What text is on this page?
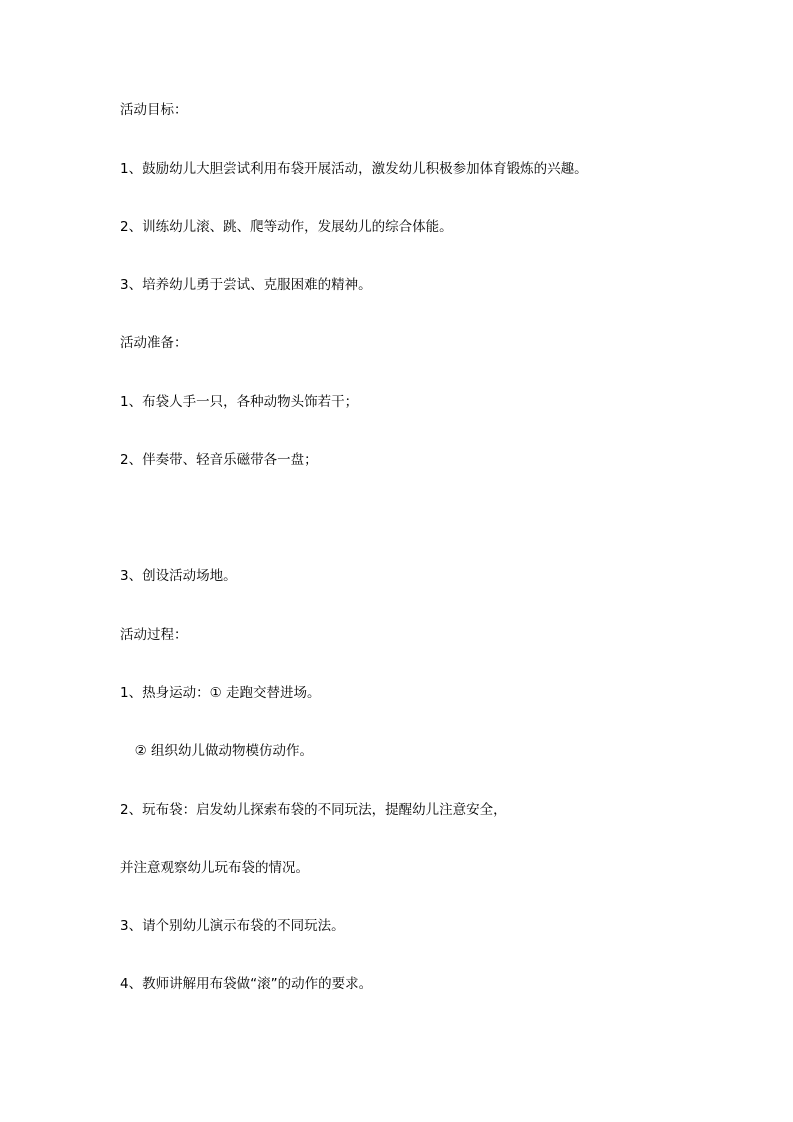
活动目标：
1、鼓励幼儿大胆尝试利用布袋开展活动，激发幼儿积极参加体育锻炼的兴趣。
2、训练幼儿滚、跳、爬等动作，发展幼儿的综合体能。
3、培养幼儿勇于尝试、克服困难的精神。
活动准备：
1、布袋人手一只，各种动物头饰若干；
2、伴奏带、轻音乐磁带各一盘；
3、创设活动场地。
活动过程：
1、热身运动：① 走跑交替进场。
② 组织幼儿做动物模仿动作。
2、玩布袋：启发幼儿探索布袋的不同玩法，提醒幼儿注意安全，
并注意观察幼儿玩布袋的情况。
3、请个别幼儿演示布袋的不同玩法。
4、教师讲解用布袋做“滚”的动作的要求。
